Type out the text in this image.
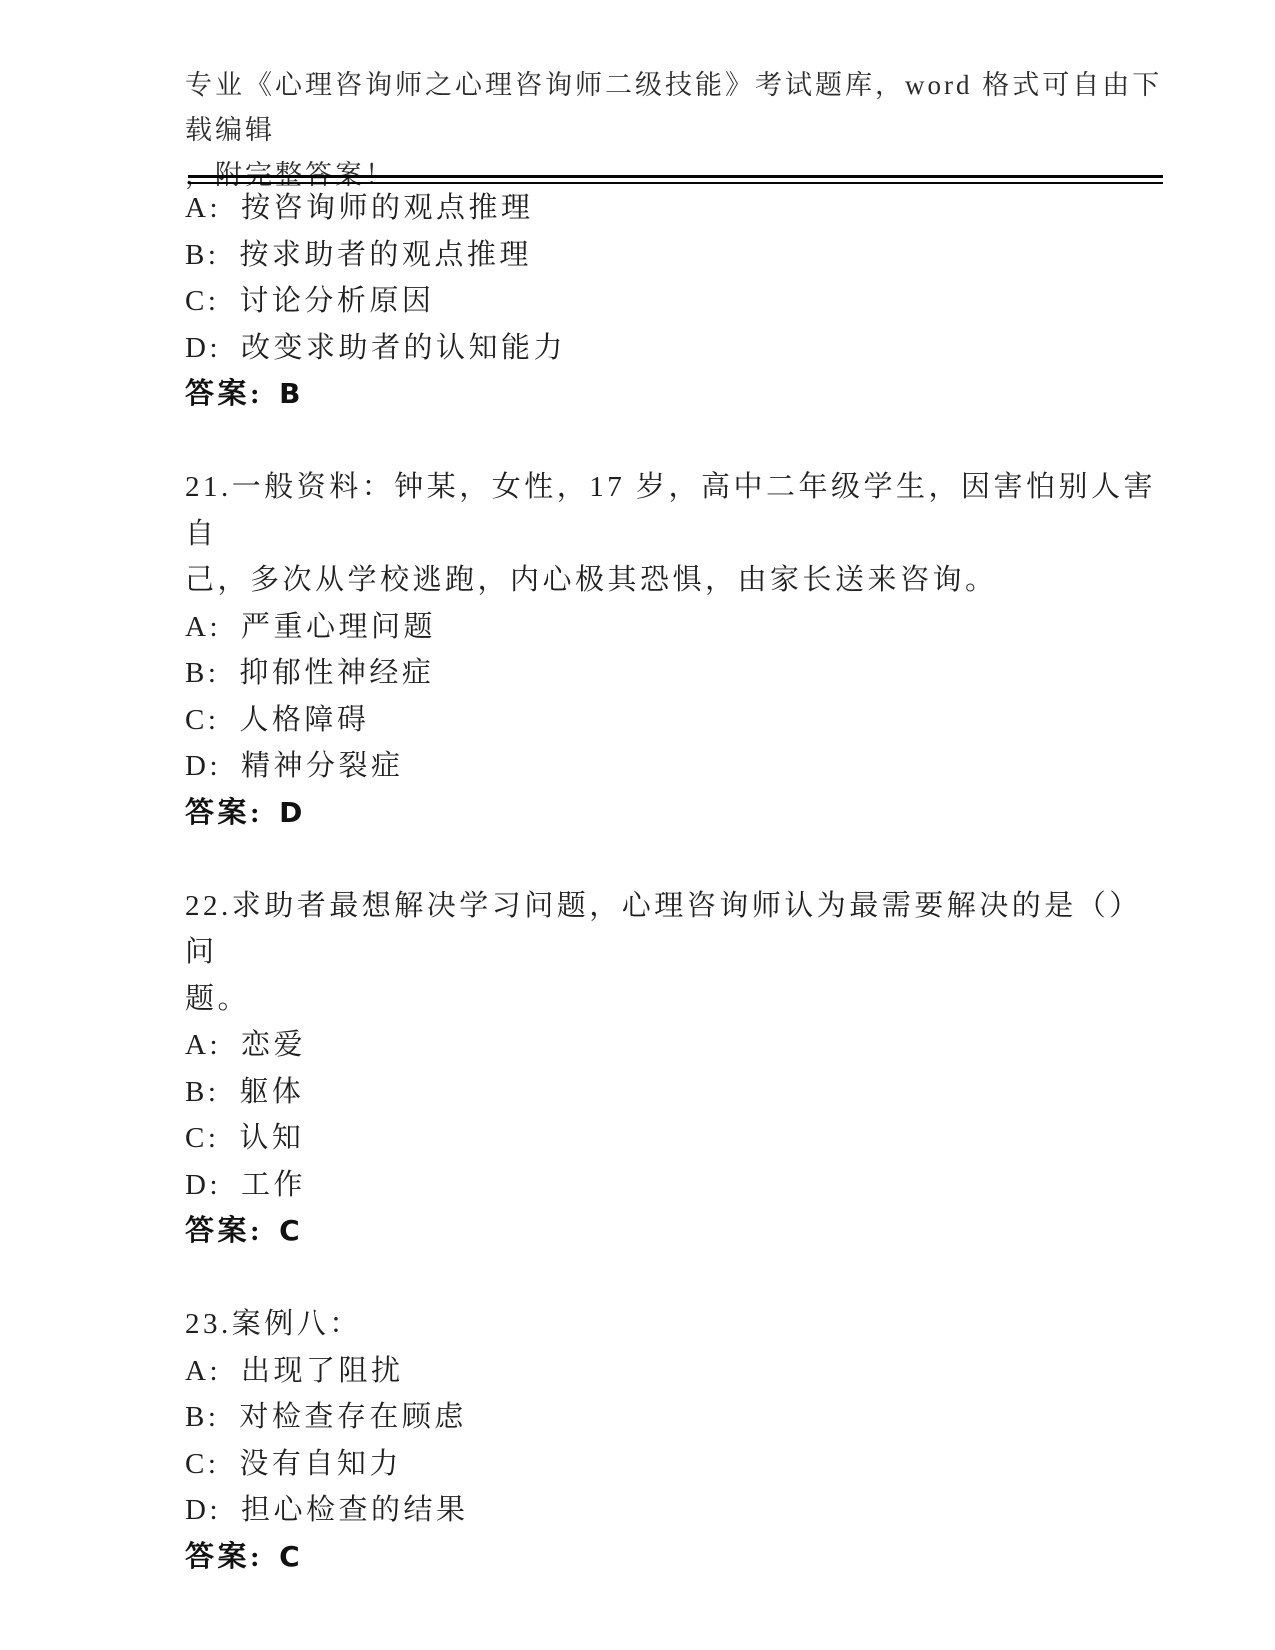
专业《心理咨询师之心理咨询师二级技能》考试题库，word 格式可自由下载编辑

，附完整答案！

A: 按咨询师的观点推理

B: 按求助者的观点推理

C: 讨论分析原因

D: 改变求助者的认知能力

答案: B

21.一般资料：钟某，女性，17 岁，高中二年级学生，因害怕别人害自

己，多次从学校逃跑，内心极其恐惧，由家长送来咨询。

A: 严重心理问题

B: 抑郁性神经症

C: 人格障碍

D: 精神分裂症

答案: D

22.求助者最想解决学习问题，心理咨询师认为最需要解决的是（）问

题。

A: 恋爱

B: 躯体

C: 认知

D: 工作

答案: C

23.案例八：

A: 出现了阻扰

B: 对检查存在顾虑

C: 没有自知力

D: 担心检查的结果

答案: C
